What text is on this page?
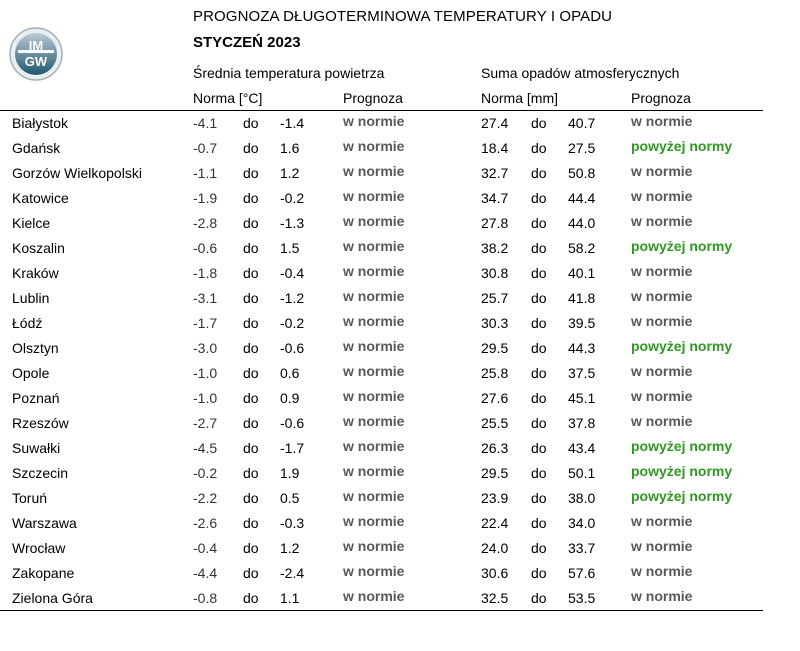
IM
GW
PROGNOZA DŁUGOTERMINOWA TEMPERATURY I OPADU
STYCZEŃ 2023
Średnia temperatura powietrza	Suma opadów atmosferycznych
Norma [°C]	Prognoza	Norma [mm]	Prognoza
Białystok	-4.1 do -1.4	w normie	27.4 do 40.7	w normie
Gdańsk	-0.7 do 1.6	w normie	18.4 do 27.5	powyżej normy
Gorzów Wielkopolski	-1.1 do 1.2	w normie	32.7 do 50.8	w normie
Katowice	-1.9 do -0.2	w normie	34.7 do 44.4	w normie
Kielce	-2.8 do -1.3	w normie	27.8 do 44.0	w normie
Koszalin	-0.6 do 1.5	w normie	38.2 do 58.2	powyżej normy
Kraków	-1.8 do -0.4	w normie	30.8 do 40.1	w normie
Lublin	-3.1 do -1.2	w normie	25.7 do 41.8	w normie
Łódź	-1.7 do -0.2	w normie	30.3 do 39.5	w normie
Olsztyn	-3.0 do -0.6	w normie	29.5 do 44.3	powyżej normy
Opole	-1.0 do 0.6	w normie	25.8 do 37.5	w normie
Poznań	-1.0 do 0.9	w normie	27.6 do 45.1	w normie
Rzeszów	-2.7 do -0.6	w normie	25.5 do 37.8	w normie
Suwałki	-4.5 do -1.7	w normie	26.3 do 43.4	powyżej normy
Szczecin	-0.2 do 1.9	w normie	29.5 do 50.1	powyżej normy
Toruń	-2.2 do 0.5	w normie	23.9 do 38.0	powyżej normy
Warszawa	-2.6 do -0.3	w normie	22.4 do 34.0	w normie
Wrocław	-0.4 do 1.2	w normie	24.0 do 33.7	w normie
Zakopane	-4.4 do -2.4	w normie	30.6 do 57.6	w normie
Zielona Góra	-0.8 do 1.1	w normie	32.5 do 53.5	w normie
